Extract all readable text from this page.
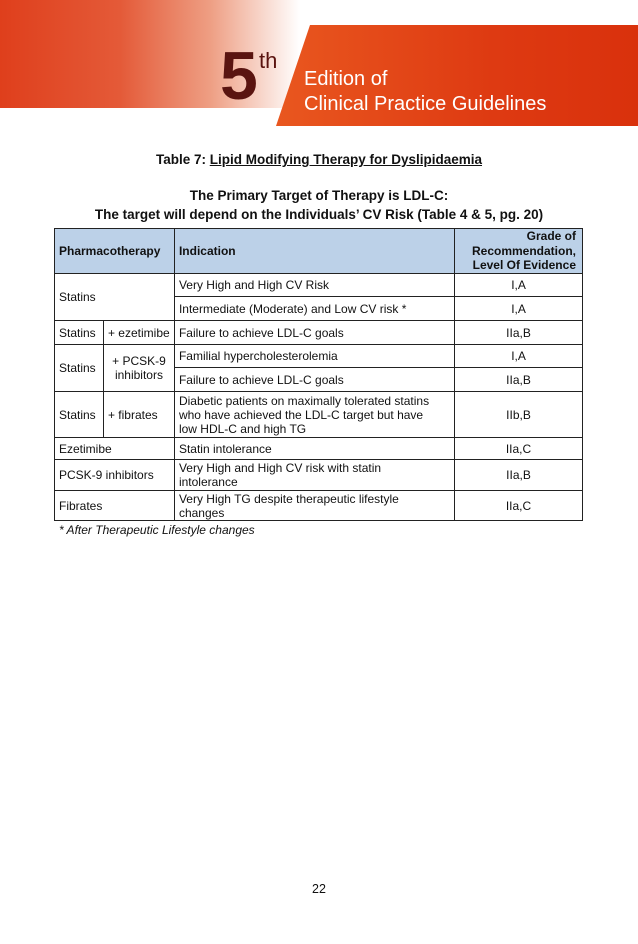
5 th
Edition of
Clinical Practice Guidelines
Table 7: Lipid Modifying Therapy for Dyslipidaemia
The Primary Target of Therapy is LDL-C:
The target will depend on the Individuals’ CV Risk (Table 4 & 5, pg. 20)
Pharmacotherapy		Indication	Grade of
Recommendation,
Level Of Evidence

Statins		Very High and High CV Risk	I,A
		Intermediate (Moderate) and Low CV risk *	I,A
Statins	+ ezetimibe	Failure to achieve LDL-C goals	IIa,B
Statins	+ PCSK-9
inhibitors	Familial hypercholesterolemia	I,A
		Failure to achieve LDL-C goals	IIa,B
Statins	+ fibrates	Diabetic patients on maximally tolerated statins
who have achieved the LDL-C target but have
low HDL-C and high TG	IIb,B
Ezetimibe		Statin intolerance	IIa,C
PCSK-9 inhibitors		Very High and High CV risk with statin
intolerance	IIa,B
Fibrates		Very High TG despite therapeutic lifestyle
changes	IIa,C
* After Therapeutic Lifestyle changes
22
